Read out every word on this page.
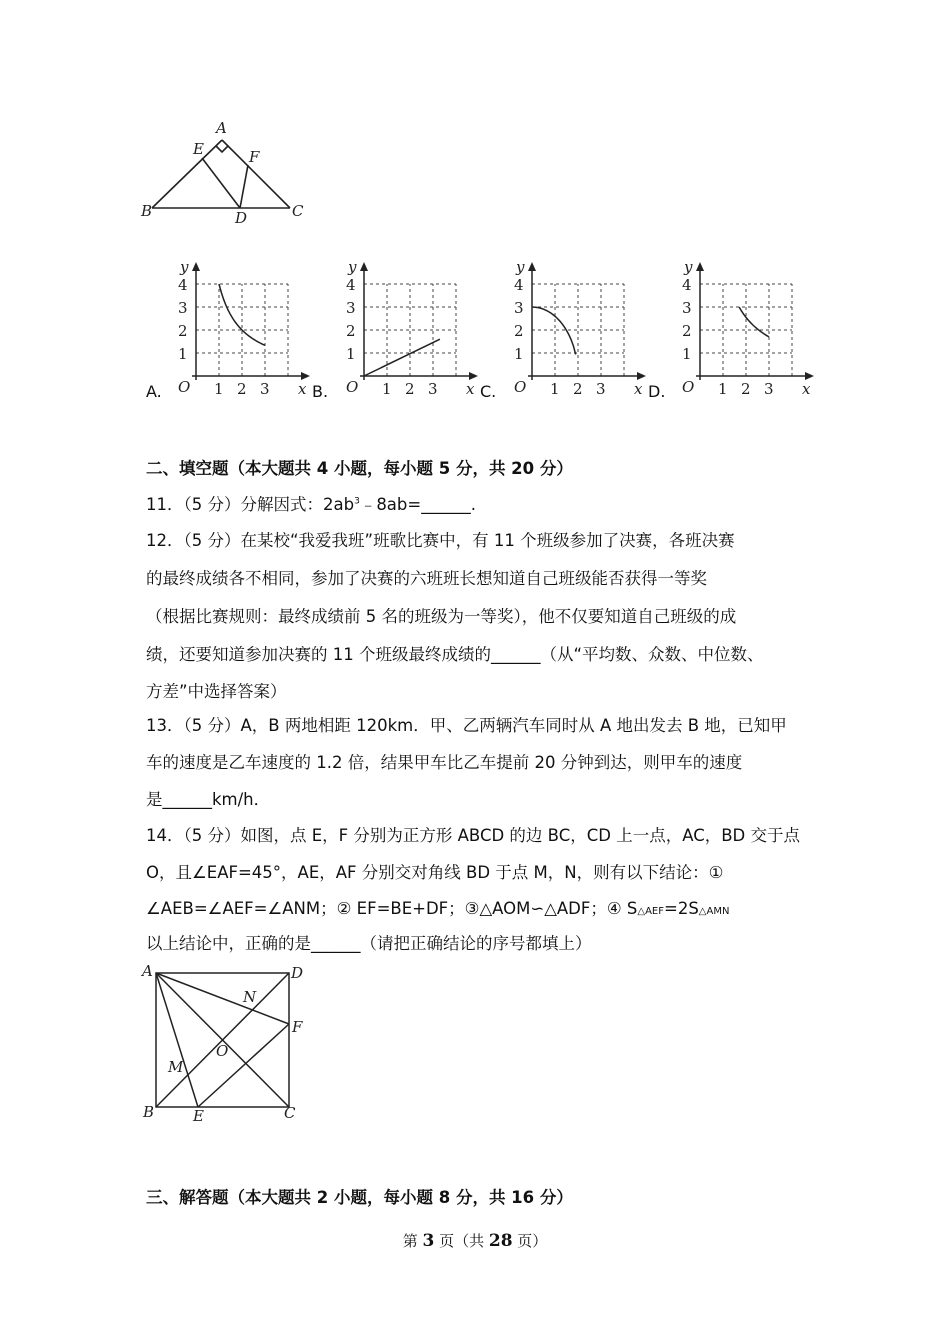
A
E	F
B	D	C
y
x
O
4
3
2
1
1 2 3
y
x
O
4
3
2
1
1 2 3
y
x
O
4
3
2
1
1 2 3
y
x
O
4
3
2
1
1 2 3
A.	B.	C.	D.
二、填空题（本大题共 4 小题，每小题 5 分，共 20 分）
11．（5 分）分解因式：$2ab^3﹣8ab=\_\_\_\_\_\_$.
12．（5 分）在某校“我爱我班”班歌比赛中，有 11 个班级参加了决赛，各班决赛
的最终成绩各不相同，参加了决赛的六班班长想知道自己班级能否获得一等奖
（根据比赛规则：最终成绩前 5 名的班级为一等奖），他不仅要知道自己班级的成
绩，还要知道参加决赛的 11 个班级最终成绩的______（从“平均数、众数、中位数、
方差”中选择答案）
13．（5 分）A，B 两地相距 120km．甲、乙两辆汽车同时从 A 地出发去 B 地，已知甲
车的速度是乙车速度的 1.2 倍，结果甲车比乙车提前 20 分钟到达，则甲车的速度
是______km/h．
14．（5 分）如图，点 E，F 分别为正方形 ABCD 的边 BC，CD 上一点，AC，BD 交于点
O，且∠EAF=45°，AE，AF 分别交对角线 BD 于点 M，N，则有以下结论：①
∠AEB=∠AEF=∠ANM；② EF=BE+DF；③△AOM∽△ADF；④ S△AEF=2S△AMN
以上结论中，正确的是______（请把正确结论的序号都填上）
A	D
N
F
O
M
B	E	C
三、解答题（本大题共 2 小题，每小题 8 分，共 16 分）
第 3 页（共 28 页）
